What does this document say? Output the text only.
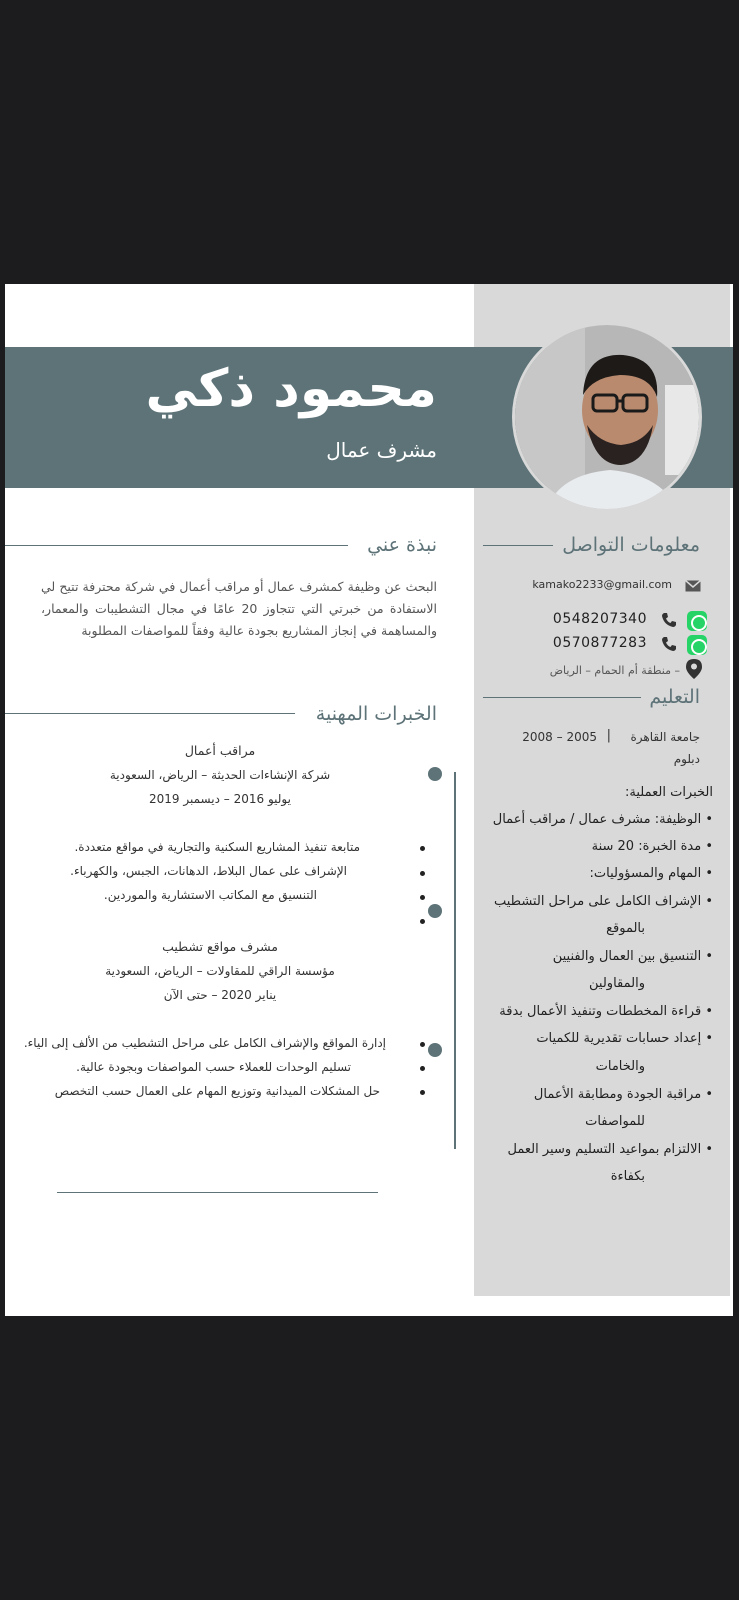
محمود ذكي
مشرف عمال
نبذة عني
البحث عن وظيفة كمشرف عمال أو مراقب أعمال في شركة محترفة تتيح لي الاستفادة من خبرتي التي تتجاوز 20 عامًا في مجال التشطيبات والمعمار، والمساهمة في إنجاز المشاريع بجودة عالية وفقاً للمواصفات المطلوبة
معلومات التواصل
kamako2233@gmail.com
0548207340
0570877283
– منطقة أم الحمام – الرياض
التعليم
جامعة القاهرة
|
2005 – 2008
دبلوم
الخبرات العملية:
• الوظيفة: مشرف عمال / مراقب أعمال
• مدة الخبرة: 20 سنة
• المهام والمسؤوليات:
• الإشراف الكامل على مراحل التشطيب
بالموقع
• التنسيق بين العمال والفنيين
والمقاولين
• قراءة المخططات وتنفيذ الأعمال بدقة
• إعداد حسابات تقديرية للكميات
والخامات
• مراقبة الجودة ومطابقة الأعمال
للمواصفات
• الالتزام بمواعيد التسليم وسير العمل
بكفاءة
الخبرات المهنية
مراقب أعمال
شركة الإنشاءات الحديثة – الرياض، السعودية
يوليو 2016 – ديسمبر 2019
متابعة تنفيذ المشاريع السكنية والتجارية في مواقع متعددة.
الإشراف على عمال البلاط، الدهانات، الجبس، والكهرباء.
التنسيق مع المكاتب الاستشارية والموردين.
مشرف مواقع تشطيب
مؤسسة الراقي للمقاولات – الرياض، السعودية
يناير 2020 – حتى الآن
إدارة المواقع والإشراف الكامل على مراحل التشطيب من الألف إلى الياء.
تسليم الوحدات للعملاء حسب المواصفات وبجودة عالية.
حل المشكلات الميدانية وتوزيع المهام على العمال حسب التخصص
